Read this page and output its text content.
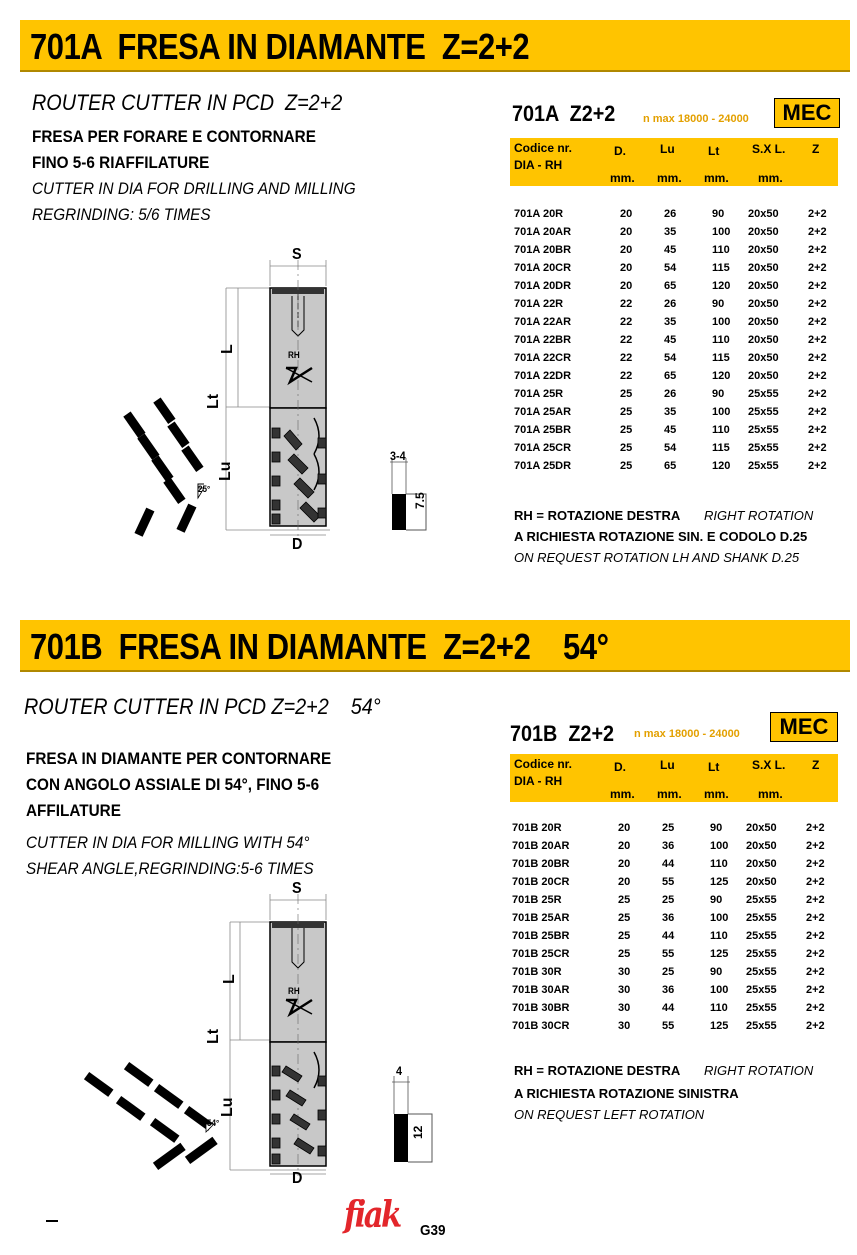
701A  FRESA IN DIAMANTE  Z=2+2
ROUTER CUTTER IN PCD  Z=2+2
FRESA PER FORARE E CONTORNARE
FINO 5-6 RIAFFILATURE
CUTTER IN DIA FOR DRILLING AND MILLING
REGRINDING: 5/6 TIMES
701A  Z2+2	n max 18000 - 24000	MEC
Codice nr.
DIA - RH
D.	Lu	Lt	S.X L. Z
mm. mm. mm. mm.
701A 20R	20	26	90 20x50	2+2
701A 20AR	20	35	100 20x50	2+2
701A 20BR	20	45	110 20x50	2+2
701A 20CR	20	54	115 20x50	2+2
701A 20DR	20	65	120 20x50	2+2
701A 22R	22	26	90 20x50	2+2
701A 22AR	22	35	100 20x50	2+2
701A 22BR	22	45	110 20x50	2+2
701A 22CR	22	54	115 20x50	2+2
701A 22DR	22	65	120 20x50	2+2
701A 25R	25	26	90 25x55	2+2
701A 25AR	25	35	100 25x55	2+2
701A 25BR	25	45	110 25x55	2+2
701A 25CR	25	54	115 25x55	2+2
701A 25DR	25	65	120 25x55	2+2
RH = ROTAZIONE DESTRA RIGHT ROTATION
A RICHIESTA ROTAZIONE SIN. E CODOLO D.25
ON REQUEST ROTATION LH AND SHANK D.25
S
L
Lt
Lu
D
RH
25°
3-4
7.5
701B  FRESA IN DIAMANTE  Z=2+2    54°
ROUTER CUTTER IN PCD Z=2+2    54°
FRESA IN DIAMANTE PER CONTORNARE
CON ANGOLO ASSIALE DI 54°, FINO 5-6
AFFILATURE
CUTTER IN DIA FOR MILLING WITH 54°
SHEAR ANGLE,REGRINDING:5-6 TIMES
701B  Z2+2 n max 18000 - 24000	MEC
Codice nr.
DIA - RH
D.	Lu	Lt	S.X L. Z
mm. mm. mm. mm.
701B 20R	20	25	90 20x50	2+2
701B 20AR	20	36	100 20x50	2+2
701B 20BR	20	44	110 20x50	2+2
701B 20CR	20	55	125 20x50	2+2
701B 25R	25	25	90 25x55	2+2
701B 25AR	25	36	100 25x55	2+2
701B 25BR	25	44	110 25x55	2+2
701B 25CR	25	55	125 25x55	2+2
701B 30R	30	25	90 25x55	2+2
701B 30AR	30	36	100 25x55	2+2
701B 30BR	30	44	110 25x55	2+2
701B 30CR	30	55	125 25x55	2+2
RH = ROTAZIONE DESTRA RIGHT ROTATION
A RICHIESTA ROTAZIONE SINISTRA
ON REQUEST LEFT ROTATION
S
L
Lt
Lu
D
RH
54°
4
12
fiak G39
